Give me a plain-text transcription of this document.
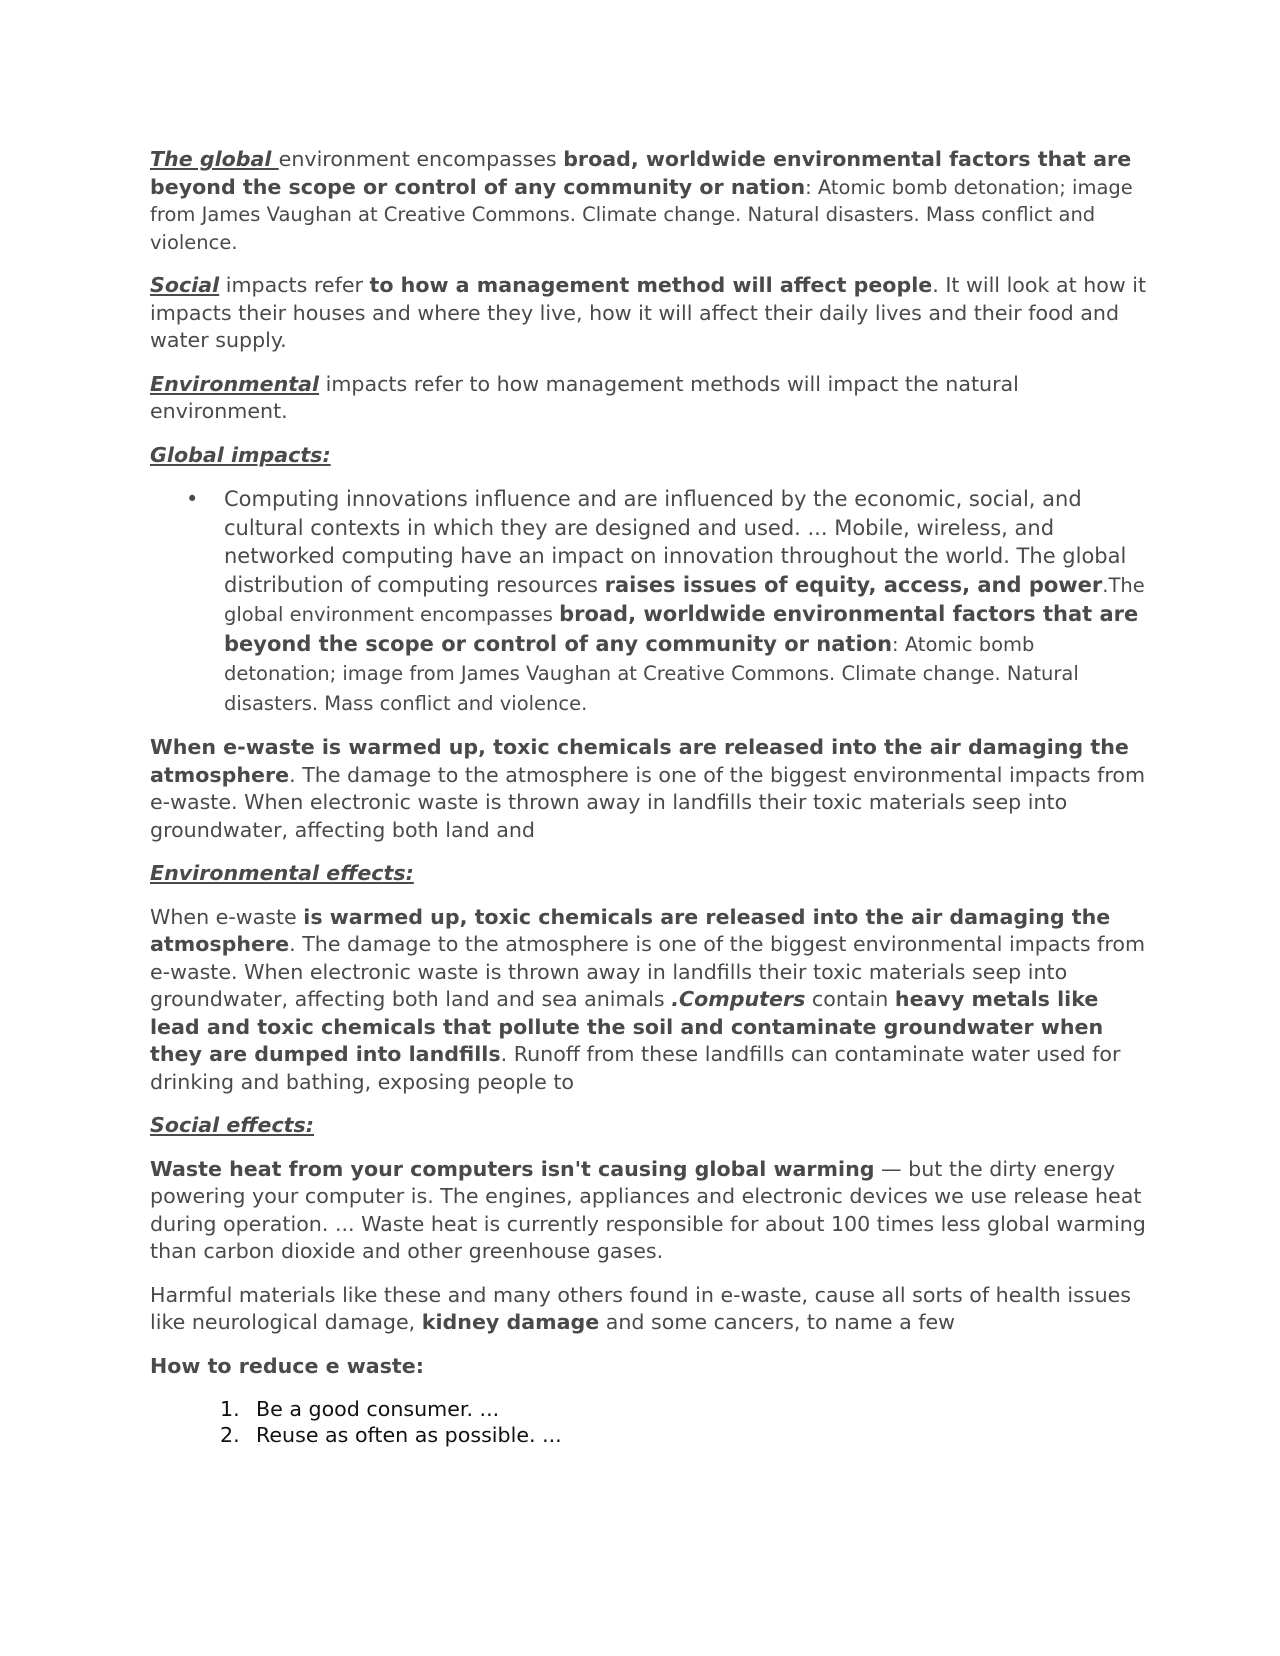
The global environment encompasses broad, worldwide environmental factors that are beyond the scope or control of any community or nation: Atomic bomb detonation; image from James Vaughan at Creative Commons. Climate change. Natural disasters. Mass conflict and violence.

Social impacts refer to how a management method will affect people. It will look at how it impacts their houses and where they live, how it will affect their daily lives and their food and water supply.

Environmental impacts refer to how management methods will impact the natural environment.

Global impacts:

• Computing innovations influence and are influenced by the economic, social, and cultural contexts in which they are designed and used. ... Mobile, wireless, and networked computing have an impact on innovation throughout the world. The global distribution of computing resources raises issues of equity, access, and power.The global environment encompasses broad, worldwide environmental factors that are beyond the scope or control of any community or nation: Atomic bomb detonation; image from James Vaughan at Creative Commons. Climate change. Natural disasters. Mass conflict and violence.

When e-waste is warmed up, toxic chemicals are released into the air damaging the atmosphere. The damage to the atmosphere is one of the biggest environmental impacts from e-waste. When electronic waste is thrown away in landfills their toxic materials seep into groundwater, affecting both land and

Environmental effects:

When e-waste is warmed up, toxic chemicals are released into the air damaging the atmosphere. The damage to the atmosphere is one of the biggest environmental impacts from e-waste. When electronic waste is thrown away in landfills their toxic materials seep into groundwater, affecting both land and sea animals .Computers contain heavy metals like lead and toxic chemicals that pollute the soil and contaminate groundwater when they are dumped into landfills. Runoff from these landfills can contaminate water used for drinking and bathing, exposing people to

Social effects:

Waste heat from your computers isn't causing global warming — but the dirty energy powering your computer is. The engines, appliances and electronic devices we use release heat during operation. ... Waste heat is currently responsible for about 100 times less global warming than carbon dioxide and other greenhouse gases.

Harmful materials like these and many others found in e-waste, cause all sorts of health issues like neurological damage, kidney damage and some cancers, to name a few

How to reduce e waste:

1. Be a good consumer. ...
2. Reuse as often as possible. ...
